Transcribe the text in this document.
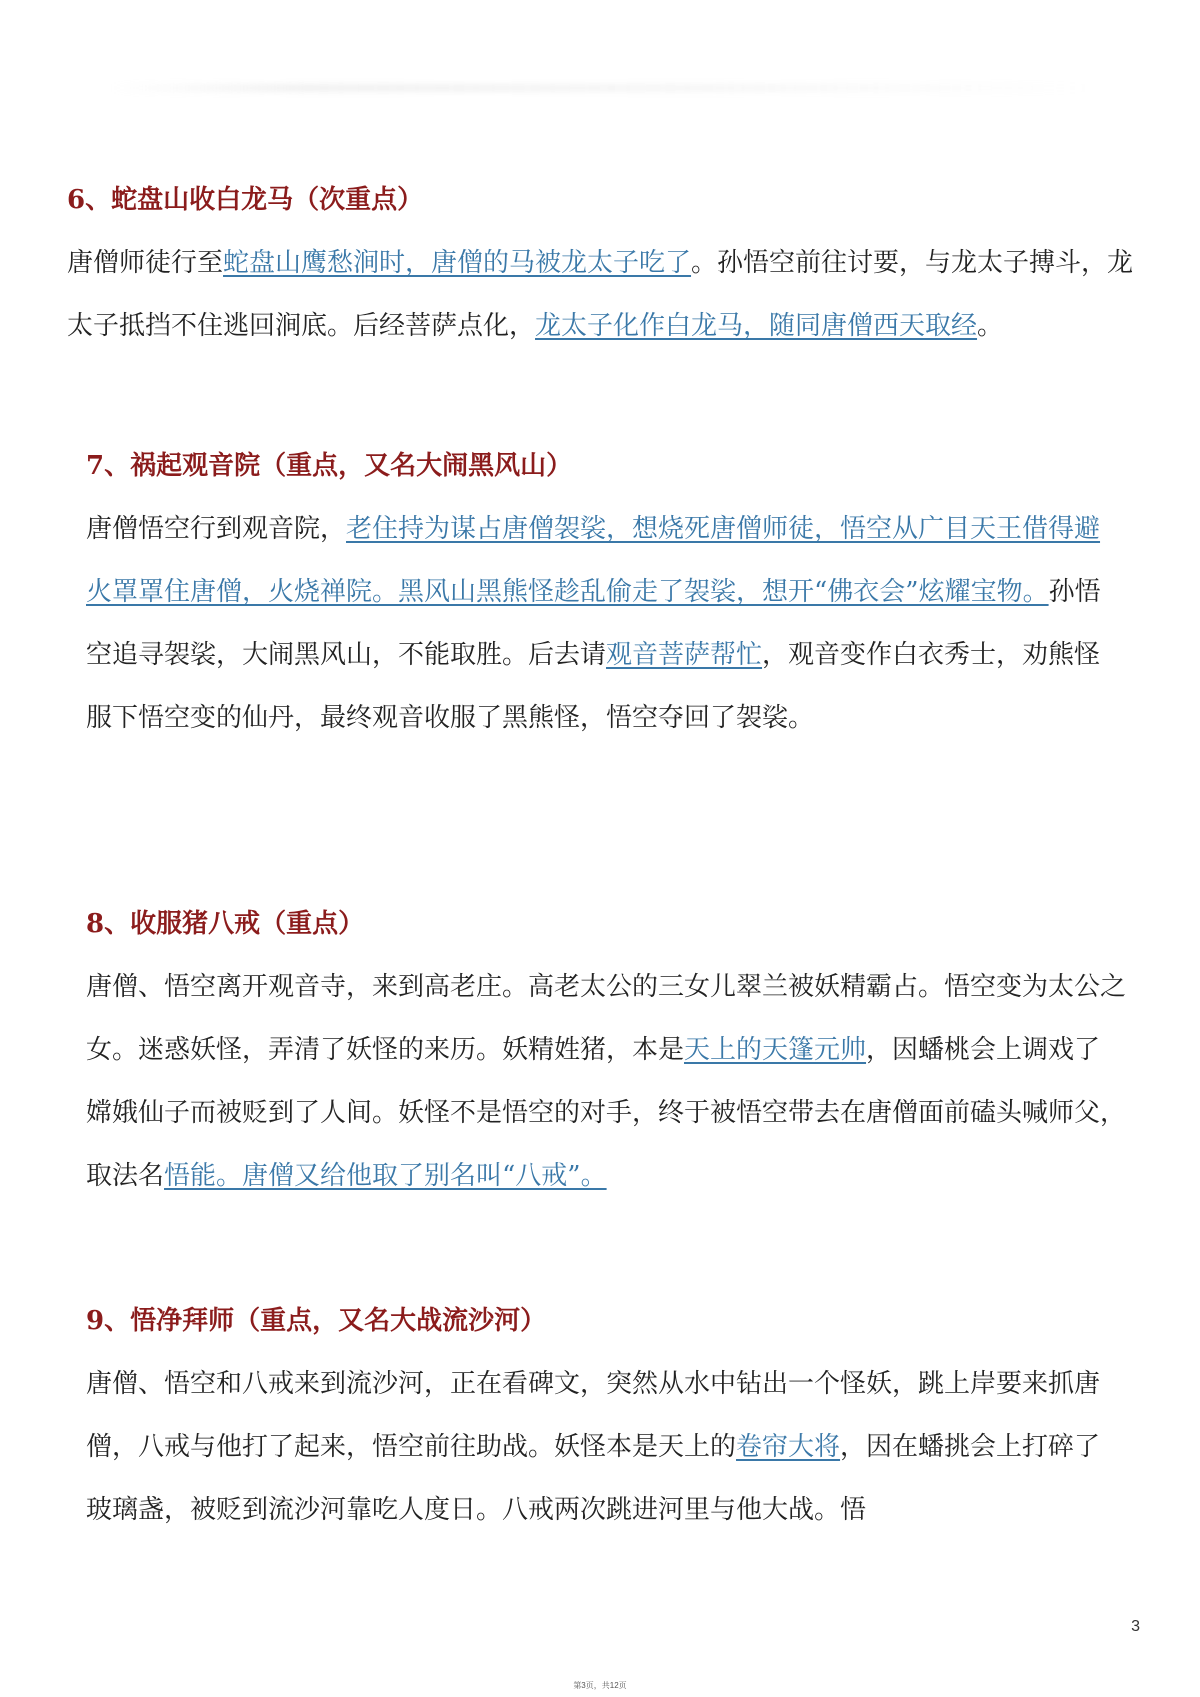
6、蛇盘山收白龙马（次重点）

唐僧师徒行至蛇盘山鹰愁涧时，唐僧的马被龙太子吃了。孙悟空前往讨要，与龙太子搏斗，龙太子抵挡不住逃回涧底。后经菩萨点化，龙太子化作白龙马，随同唐僧西天取经。

7、祸起观音院（重点，又名大闹黑风山）

唐僧悟空行到观音院，老住持为谋占唐僧袈裟，想烧死唐僧师徒，悟空从广目天王借得避火罩罩住唐僧，火烧禅院。黑风山黑熊怪趁乱偷走了袈裟，想开“佛衣会”炫耀宝物。孙悟空追寻袈裟，大闹黑风山，不能取胜。后去请观音菩萨帮忙，观音变作白衣秀士，劝熊怪服下悟空变的仙丹，最终观音收服了黑熊怪，悟空夺回了袈裟。

8、收服猪八戒（重点）

唐僧、悟空离开观音寺，来到高老庄。高老太公的三女儿翠兰被妖精霸占。悟空变为太公之女。迷惑妖怪，弄清了妖怪的来历。妖精姓猪，本是天上的天篷元帅，因蟠桃会上调戏了嫦娥仙子而被贬到了人间。妖怪不是悟空的对手，终于被悟空带去在唐僧面前磕头喊师父，取法名悟能。唐僧又给他取了别名叫“八戒”。

9、悟净拜师（重点，又名大战流沙河）

唐僧、悟空和八戒来到流沙河，正在看碑文，突然从水中钻出一个怪妖，跳上岸要来抓唐僧，八戒与他打了起来，悟空前往助战。妖怪本是天上的卷帘大将，因在蟠挑会上打碎了玻璃盏，被贬到流沙河靠吃人度日。八戒两次跳进河里与他大战。悟

3
第3页，共12页
